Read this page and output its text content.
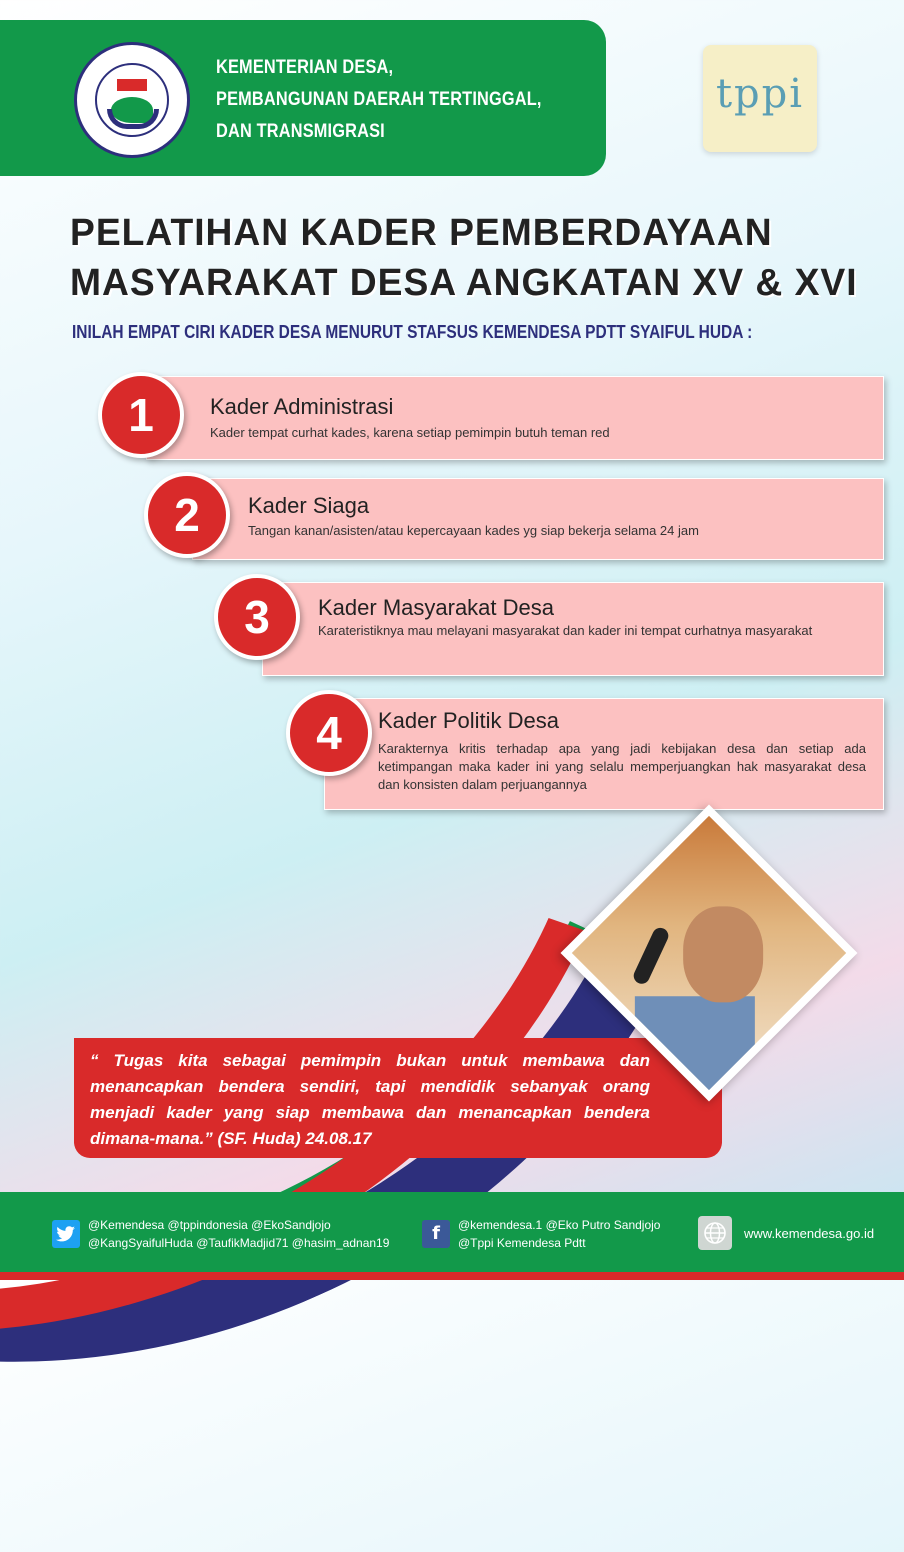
KEMENTERIAN DESA,
PEMBANGUNAN DAERAH TERTINGGAL,
DAN TRANSMIGRASI
tppi
PELATIHAN KADER PEMBERDAYAAN
MASYARAKAT DESA ANGKATAN XV & XVI
INILAH EMPAT CIRI KADER DESA MENURUT STAFSUS KEMENDESA PDTT SYAIFUL HUDA :
1	Kader Administrasi
Kader tempat curhat kades, karena setiap pemimpin butuh teman red
2	Kader Siaga
Tangan kanan/asisten/atau kepercayaan kades yg siap bekerja selama 24 jam
3	Kader Masyarakat Desa
Karateristiknya mau melayani masyarakat dan kader ini tempat curhatnya masyarakat
4	Kader Politik Desa
Karakternya kritis terhadap apa yang jadi kebijakan desa dan setiap ada ketimpangan maka kader ini yang selalu memperjuangkan hak masyarakat desa dan konsisten dalam perjuangannya
“ Tugas kita sebagai pemimpin bukan untuk membawa dan menancapkan bendera sendiri, tapi mendidik sebanyak orang menjadi kader yang siap membawa dan menancapkan bendera dimana-mana.” (SF. Huda) 24.08.17
@Kemendesa @tppindonesia @EkoSandjojo
@KangSyaifulHuda @TaufikMadjid71 @hasim_adnan19	f	@kemendesa.1 @Eko Putro Sandjojo
@Tppi Kemendesa Pdtt
www.kemendesa.go.id
